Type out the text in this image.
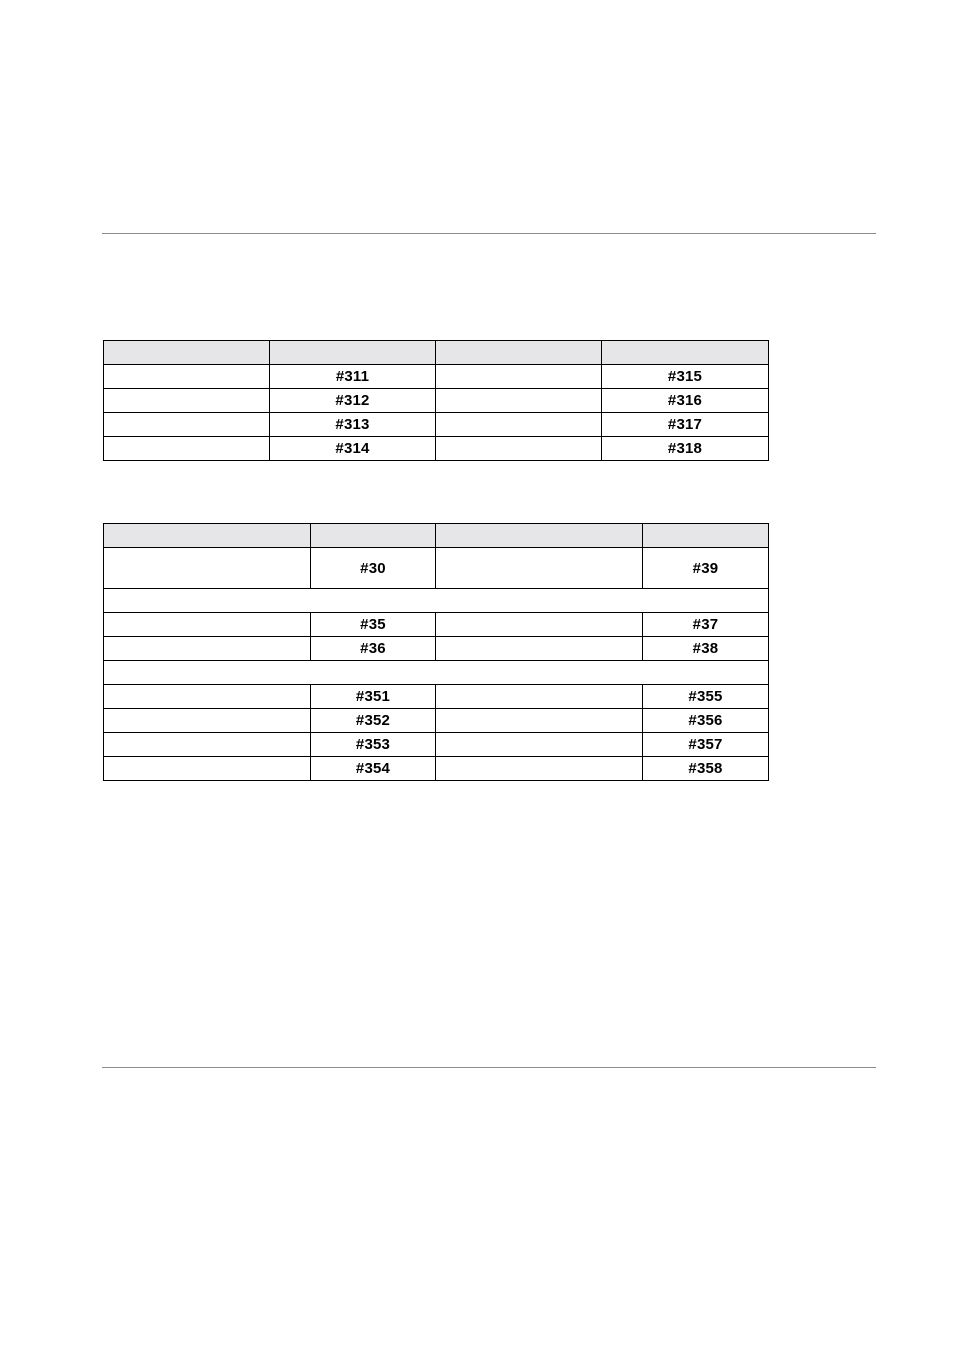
	#311		#315
	#312		#316
	#313		#317
	#314		#318

	#30		#39

	#35		#37
	#36		#38

	#351		#355
	#352		#356
	#353		#357
	#354		#358
